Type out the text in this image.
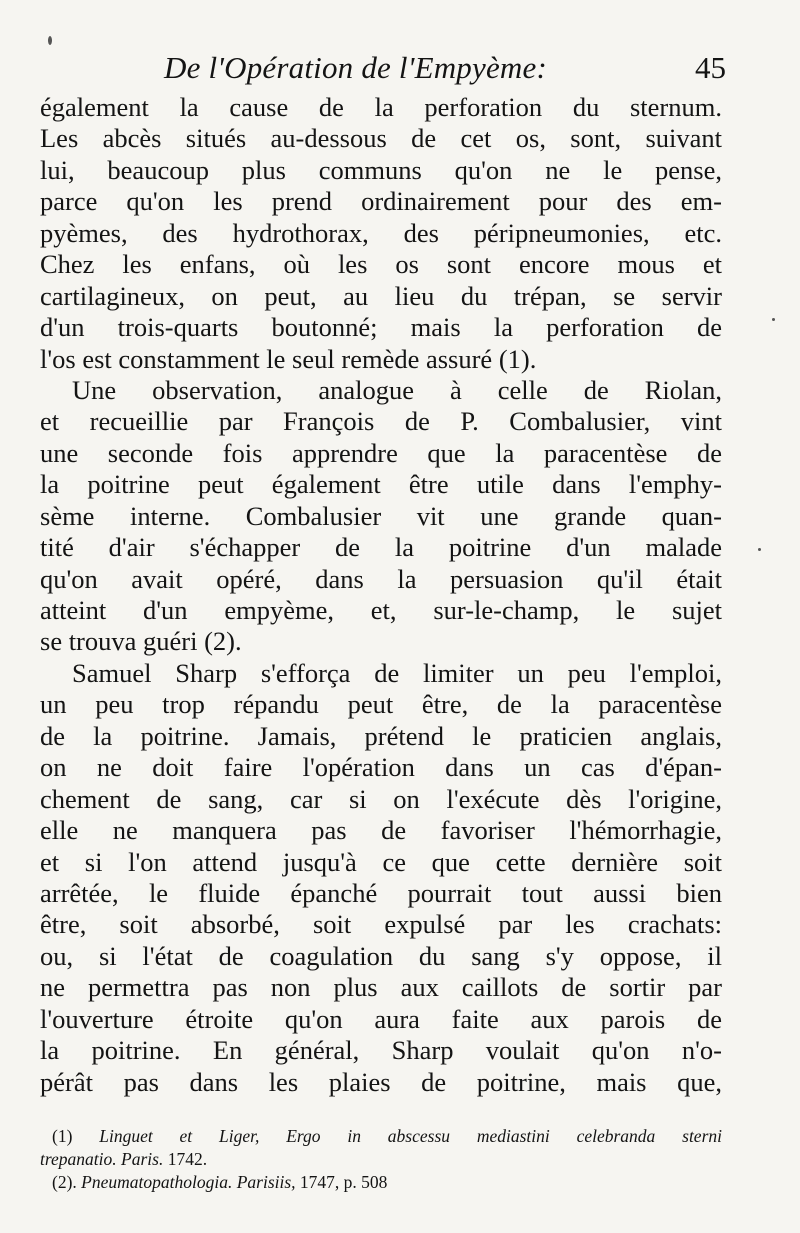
De l'Opération de l'Empyème:	45
également la cause de la perforation du sternum.
Les abcès situés au-dessous de cet os, sont, suivant
lui, beaucoup plus communs qu'on ne le pense,
parce qu'on les prend ordinairement pour des em-
pyèmes, des hydrothorax, des péripneumonies, etc.
Chez les enfans, où les os sont encore mous et
cartilagineux, on peut, au lieu du trépan, se servir
d'un trois-quarts boutonné; mais la perforation de
l'os est constamment le seul remède assuré (1).
Une observation, analogue à celle de Riolan,
et recueillie par François de P. Combalusier, vint
une seconde fois apprendre que la paracentèse de
la poitrine peut également être utile dans l'emphy-
sème interne. Combalusier vit une grande quan-
tité d'air s'échapper de la poitrine d'un malade
qu'on avait opéré, dans la persuasion qu'il était
atteint d'un empyème, et, sur-le-champ, le sujet
se trouva guéri (2).
Samuel Sharp s'efforça de limiter un peu l'emploi,
un peu trop répandu peut être, de la paracentèse
de la poitrine. Jamais, prétend le praticien anglais,
on ne doit faire l'opération dans un cas d'épan-
chement de sang, car si on l'exécute dès l'origine,
elle ne manquera pas de favoriser l'hémorrhagie,
et si l'on attend jusqu'à ce que cette dernière soit
arrêtée, le fluide épanché pourrait tout aussi bien
être, soit absorbé, soit expulsé par les crachats:
ou, si l'état de coagulation du sang s'y oppose, il
ne permettra pas non plus aux caillots de sortir par
l'ouverture étroite qu'on aura faite aux parois de
la poitrine. En général, Sharp voulait qu'on n'o-
pérât pas dans les plaies de poitrine, mais que,
(1) Linguet et Liger, Ergo in abscessu mediastini celebranda sterni
trepanatio. Paris. 1742.
(2). Pneumatopathologia. Parisiis, 1747, p. 508
